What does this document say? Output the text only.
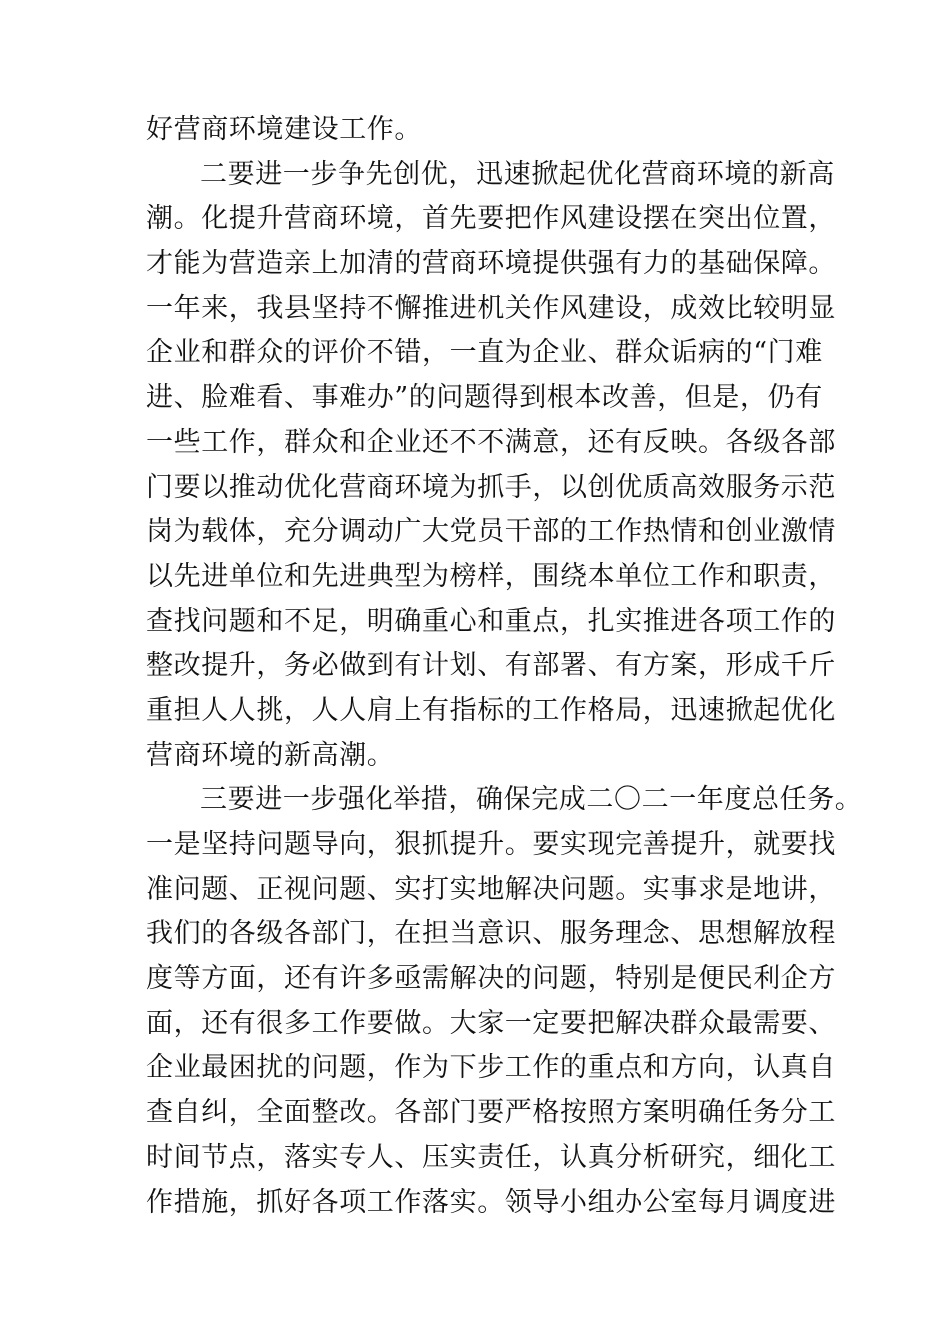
好营商环境建设工作。
二要进一步争先创优，迅速掀起优化营商环境的新高
潮。化提升营商环境，首先要把作风建设摆在突出位置，
才能为营造亲上加清的营商环境提供强有力的基础保障。
一年来，我县坚持不懈推进机关作风建设，成效比较明显
企业和群众的评价不错，一直为企业、群众诟病的“门难
进、脸难看、事难办”的问题得到根本改善，但是，仍有
一些工作，群众和企业还不不满意，还有反映。各级各部
门要以推动优化营商环境为抓手，以创优质高效服务示范
岗为载体，充分调动广大党员干部的工作热情和创业激情
以先进单位和先进典型为榜样，围绕本单位工作和职责，
查找问题和不足，明确重心和重点，扎实推进各项工作的
整改提升，务必做到有计划、有部署、有方案，形成千斤
重担人人挑，人人肩上有指标的工作格局，迅速掀起优化
营商环境的新高潮。
三要进一步强化举措，确保完成二〇二一年度总任务。
一是坚持问题导向，狠抓提升。要实现完善提升，就要找
准问题、正视问题、实打实地解决问题。实事求是地讲，
我们的各级各部门，在担当意识、服务理念、思想解放程
度等方面，还有许多亟需解决的问题，特别是便民利企方
面，还有很多工作要做。大家一定要把解决群众最需要、
企业最困扰的问题，作为下步工作的重点和方向，认真自
查自纠，全面整改。各部门要严格按照方案明确任务分工
时间节点，落实专人、压实责任，认真分析研究，细化工
作措施，抓好各项工作落实。领导小组办公室每月调度进
